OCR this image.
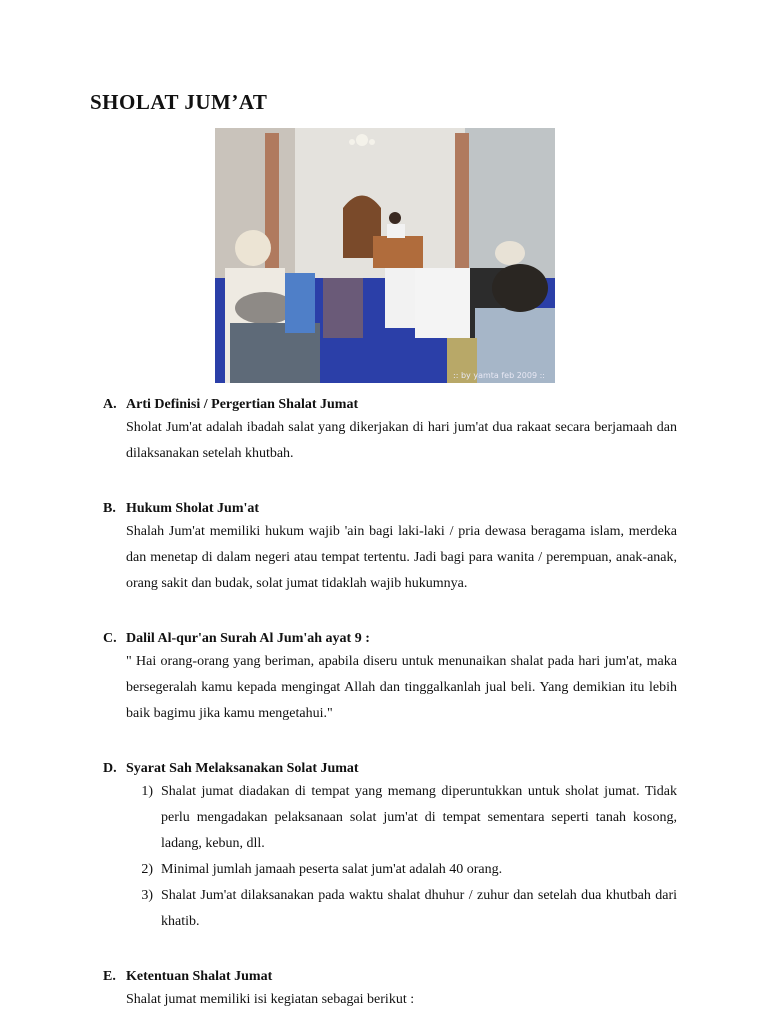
SHOLAT JUM’AT
:: by yamta feb 2009 ::
A. Arti Definisi / Pergertian Shalat Jumat
Sholat Jum'at adalah ibadah salat yang dikerjakan di hari jum'at dua rakaat secara berjamaah dan dilaksanakan setelah khutbah.
B. Hukum Sholat Jum'at
Shalah Jum'at memiliki hukum wajib 'ain bagi laki-laki / pria dewasa beragama islam, merdeka dan menetap di dalam negeri atau tempat tertentu. Jadi bagi para wanita / perempuan, anak-anak, orang sakit dan budak, solat jumat tidaklah wajib hukumnya.
C. Dalil Al-qur'an Surah Al Jum'ah ayat 9 :
" Hai orang-orang yang beriman, apabila diseru untuk menunaikan shalat pada hari jum'at, maka bersegeralah kamu kepada mengingat Allah dan tinggalkanlah jual beli. Yang demikian itu lebih baik bagimu jika kamu mengetahui."
D. Syarat Sah Melaksanakan Solat Jumat
1) Shalat jumat diadakan di tempat yang memang diperuntukkan untuk sholat jumat. Tidak perlu mengadakan pelaksanaan solat jum'at di tempat sementara seperti tanah kosong, ladang, kebun, dll.
2) Minimal jumlah jamaah peserta salat jum'at adalah 40 orang.
3) Shalat Jum'at dilaksanakan pada waktu shalat dhuhur / zuhur dan setelah dua khutbah dari khatib.
E. Ketentuan Shalat Jumat
Shalat jumat memiliki isi kegiatan sebagai berikut :
